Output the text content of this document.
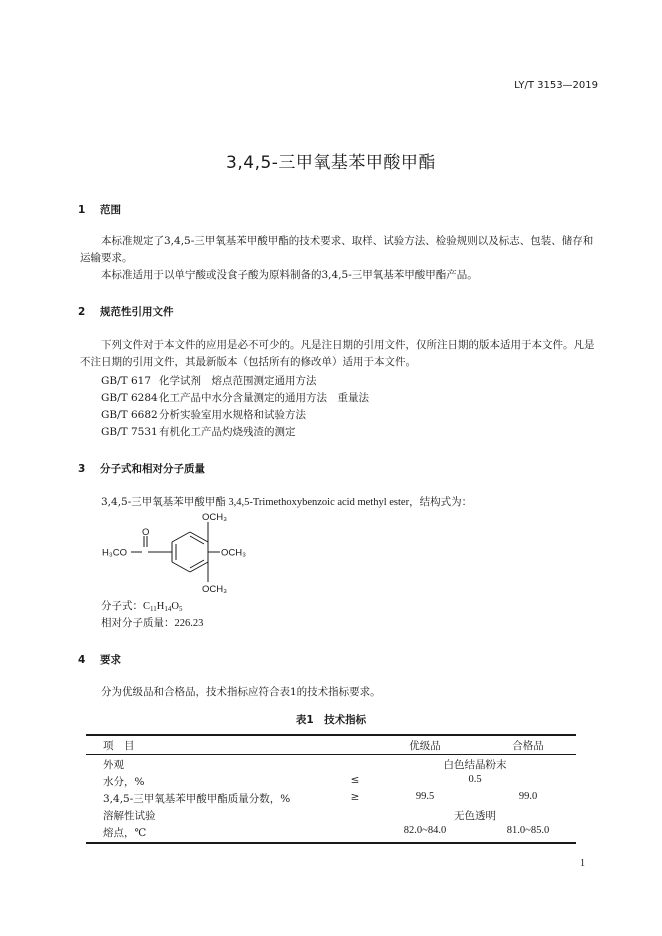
LY/T 3153—2019
3,4,5-三甲氧基苯甲酸甲酯
1 范围
本标准规定了3,4,5-三甲氧基苯甲酸甲酯的技术要求、取样、试验方法、检验规则以及标志、包装、储存和运输要求。
本标准适用于以单宁酸或没食子酸为原料制备的3,4,5-三甲氧基苯甲酸甲酯产品。
2 规范性引用文件
下列文件对于本文件的应用是必不可少的。凡是注日期的引用文件，仅所注日期的版本适用于本文件。凡是不注日期的引用文件，其最新版本（包括所有的修改单）适用于本文件。
GB/T 617 化学试剂　熔点范围测定通用方法
GB/T 6284化工产品中水分含量测定的通用方法　重量法
GB/T 6682分析实验室用水规格和试验方法
GB/T 7531有机化工产品灼烧残渣的测定
3 分子式和相对分子质量
3,4,5-三甲氧基苯甲酸甲酯 3,4,5-Trimethoxybenzoic acid methyl ester，结构式为：
OCH₃
OCH₃
OCH₃
H₃CO
O
分子式：$C_{11}H_{14}O_5$
相对分子质量：226.23
4 要求
分为优级品和合格品，技术指标应符合表1的技术指标要求。
表1　技术指标
项　目	优级品	合格品
外观	白色结晶粉末
水分，%	≤	0.5
3,4,5-三甲氧基苯甲酸甲酯质量分数，%	≥	99.5	99.0
溶解性试验	无色透明
熔点，℃	82.0~84.0	81.0~85.0
1
